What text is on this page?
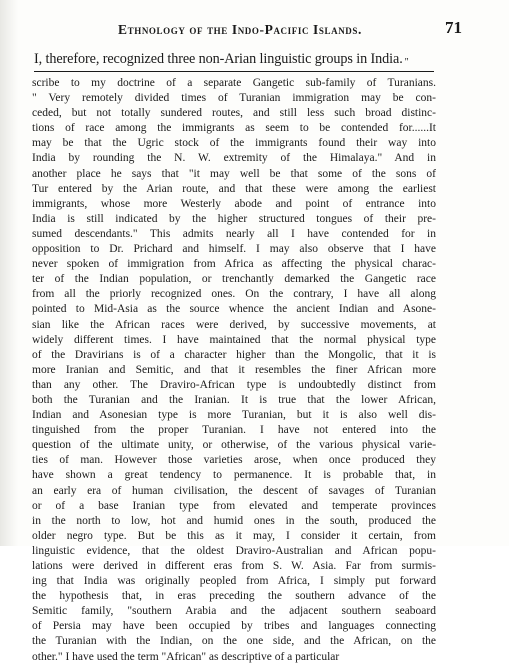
Ethnology of the Indo-Pacific Islands.	71
I, therefore, recognized three non-Arian linguistic groups in India. "
scribe to my doctrine of a separate Gangetic sub-family of Turanians.
" Very remotely divided times of Turanian immigration may be con-
ceded, but not totally sundered routes, and still less such broad distinc-
tions of race among the immigrants as seem to be contended for......It
may be that the Ugric stock of the immigrants found their way into
India by rounding the N. W. extremity of the Himalaya." And in
another place he says that "it may well be that some of the sons of
Tur entered by the Arian route, and that these were among the earliest
immigrants, whose more Westerly abode and point of entrance into
India is still indicated by the higher structured tongues of their pre-
sumed descendants." This admits nearly all I have contended for in
opposition to Dr. Prichard and himself. I may also observe that I have
never spoken of immigration from Africa as affecting the physical charac-
ter of the Indian population, or trenchantly demarked the Gangetic race
from all the priorly recognized ones. On the contrary, I have all along
pointed to Mid-Asia as the source whence the ancient Indian and Asone-
sian like the African races were derived, by successive movements, at
widely different times. I have maintained that the normal physical type
of the Dravirians is of a character higher than the Mongolic, that it is
more Iranian and Semitic, and that it resembles the finer African more
than any other. The Draviro-African type is undoubtedly distinct from
both the Turanian and the Iranian. It is true that the lower African,
Indian and Asonesian type is more Turanian, but it is also well dis-
tinguished from the proper Turanian. I have not entered into the
question of the ultimate unity, or otherwise, of the various physical varie-
ties of man. However those varieties arose, when once produced they
have shown a great tendency to permanence. It is probable that, in
an early era of human civilisation, the descent of savages of Turanian
or of a base Iranian type from elevated and temperate provinces
in the north to low, hot and humid ones in the south, produced the
older negro type. But be this as it may, I consider it certain, from
linguistic evidence, that the oldest Draviro-Australian and African popu-
lations were derived in different eras from S. W. Asia. Far from surmis-
ing that India was originally peopled from Africa, I simply put forward
the hypothesis that, in eras preceding the southern advance of the
Semitic family, "southern Arabia and the adjacent southern seaboard
of Persia may have been occupied by tribes and languages connecting
the Turanian with the Indian, on the one side, and the African, on the
other." I have used the term "African" as descriptive of a particular
